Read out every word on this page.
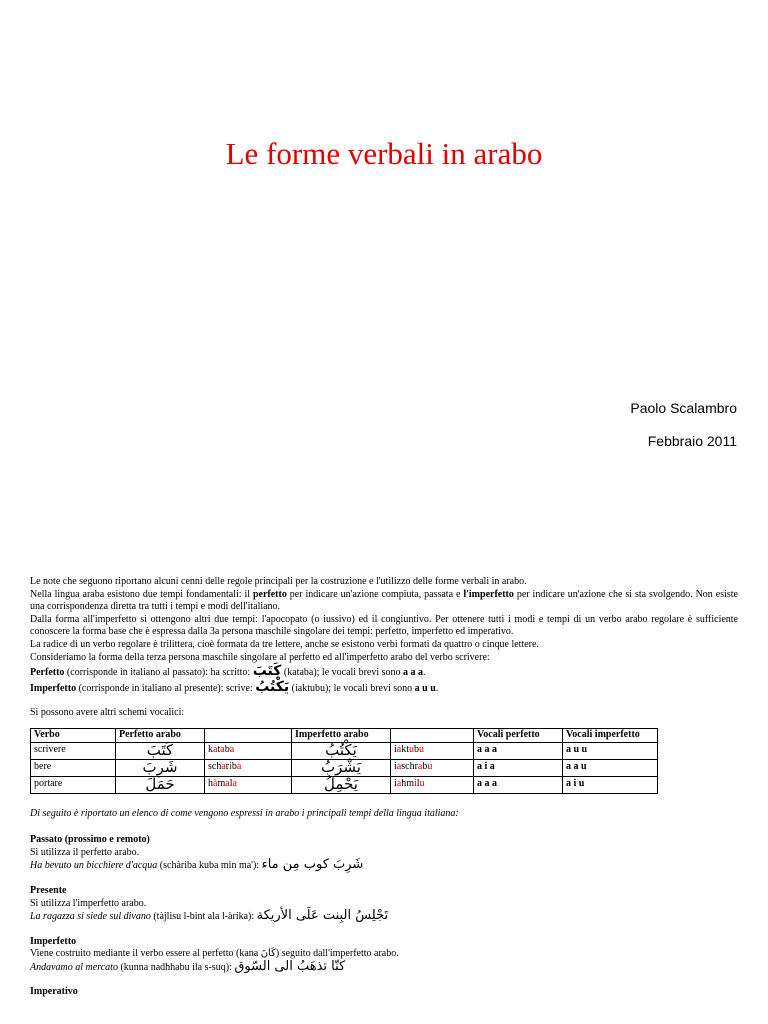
Le forme verbali in arabo
Paolo Scalambro
Febbraio 2011

Le note che seguono riportano alcuni cenni delle regole principali per la costruzione e l'utilizzo delle forme verbali in arabo.

Nella lingua araba esistono due tempi fondamentali: il perfetto per indicare un'azione compiuta, passata e l'imperfetto per indicare un'azione che si sta svolgendo. Non esiste una corrispondenza diretta tra tutti i tempi e modi dell'italiano.

Dalla forma all'imperfetto si ottengono altri due tempi: l'apocopato (o iussivo) ed il congiuntivo. Per ottenere tutti i modi e tempi di un verbo arabo regolare è sufficiente conoscere la forma base che è espressa dalla 3a persona maschile singolare dei tempi: perfetto, imperfetto ed imperativo.

La radice di un verbo regolare è trilittera, cioè formata da tre lettere, anche se esistono verbi formati da quattro o cinque lettere.

Consideriamo la forma della terza persona maschile singolare al perfetto ed all'imperfetto arabo del verbo scrivere:

Perfetto (corrisponde in italiano al passato): ha scritto: كَتَبَ (kataba); le vocali brevi sono a a a.

Imperfetto (corrisponde in italiano al presente): scrive: يَكْتُبُ (iaktubu); le vocali brevi sono a u u.

Si possono avere altri schemi vocalici:

Verbo	Perfetto arabo		Imperfetto arabo		Vocali perfetto	Vocali imperfetto
scrivere	كَتَبَ	kataba	يَكْتُبُ	iaktubu	a a a	a u u
bere	شَرِبَ	schariba	يَشْرَبُ	iaschrabu	a i a	a a u
portare	حَمَلَ	hàmala	يَحْمِلُ	iahmilu	a a a	a i u

Di seguito è riportato un elenco di come vengono espressi in arabo i principali tempi della lingua italiana:

Passato (prossimo e remoto)

Si utilizza il perfetto arabo.

Ha bevuto un bicchiere d'acqua (schàriba kuba min ma'): شَرِبَ كوب مِن ماء

Presente

Si utilizza l'imperfetto arabo.

La ragazza si siede sul divano (tàjlisu l-bint ala l-àrika): تَجْلِسُ البِنت عَلَى الأريكة

Imperfetto

Viene costruito mediante il verbo essere al perfetto (kana كَانَ) seguito dall'imperfetto arabo.

Andavamo al mercato (kunna nadhhabu ila s-suq): كنّا تذهَبُ الى السّوق

Imperativo
